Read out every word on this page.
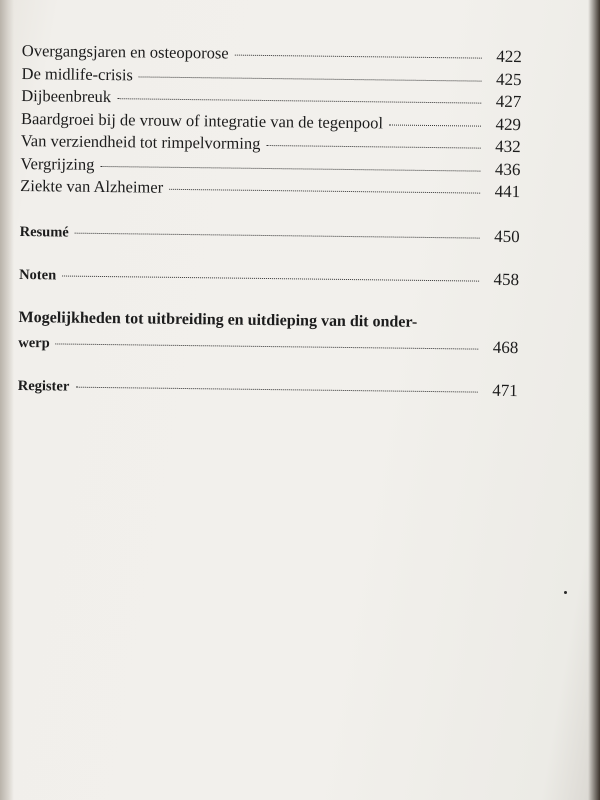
Overgangsjaren en osteoporose	422
De midlife-crisis	425
Dijbeenbreuk	427
Baardgroei bij de vrouw of integratie van de tegenpool	429
Van verziendheid tot rimpelvorming	432
Vergrijzing	436
Ziekte van Alzheimer	441
Resumé	450
Noten	458
Mogelijkheden tot uitbreiding en uitdieping van dit onder-
werp	468
Register	471
